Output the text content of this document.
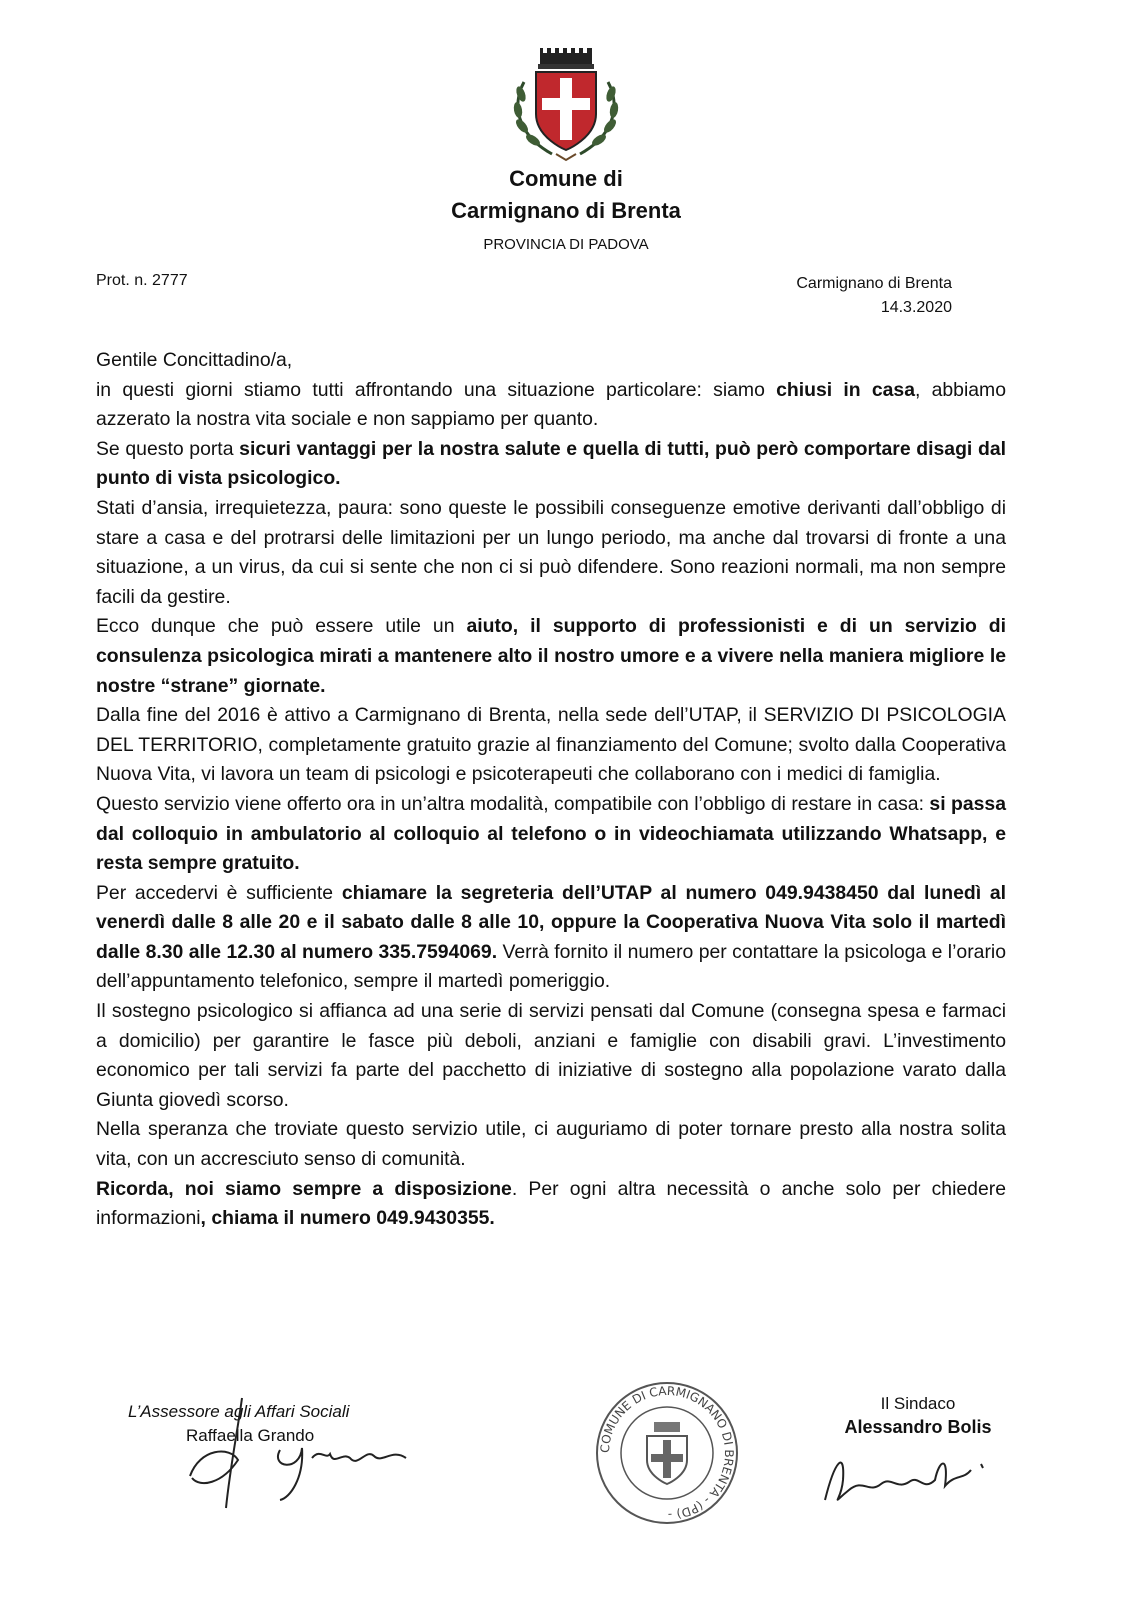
Comune di
Carmignano di Brenta
PROVINCIA DI PADOVA
Prot. n. 2777	Carmignano di Brenta
14.3.2020

Gentile Concittadino/a,

in questi giorni stiamo tutti affrontando una situazione particolare: siamo chiusi in casa, abbiamo azzerato la nostra vita sociale e non sappiamo per quanto.

Se questo porta sicuri vantaggi per la nostra salute e quella di tutti, può però comportare disagi dal punto di vista psicologico.

Stati d’ansia, irrequietezza, paura: sono queste le possibili conseguenze emotive derivanti dall’obbligo di stare a casa e del protrarsi delle limitazioni per un lungo periodo, ma anche dal trovarsi di fronte a una situazione, a un virus, da cui si sente che non ci si può difendere. Sono reazioni normali, ma non sempre facili da gestire.

Ecco dunque che può essere utile un aiuto, il supporto di professionisti e di un servizio di consulenza psicologica mirati a mantenere alto il nostro umore e a vivere nella maniera migliore le nostre “strane” giornate.

Dalla fine del 2016 è attivo a Carmignano di Brenta, nella sede dell’UTAP, il SERVIZIO DI PSICOLOGIA DEL TERRITORIO, completamente gratuito grazie al finanziamento del Comune; svolto dalla Cooperativa Nuova Vita, vi lavora un team di psicologi e psicoterapeuti che collaborano con i medici di famiglia.

Questo servizio viene offerto ora in un’altra modalità, compatibile con l’obbligo di restare in casa: si passa dal colloquio in ambulatorio al colloquio al telefono o in videochiamata utilizzando Whatsapp, e resta sempre gratuito.

Per accedervi è sufficiente chiamare la segreteria dell’UTAP al numero 049.9438450 dal lunedì al venerdì dalle 8 alle 20 e il sabato dalle 8 alle 10, oppure la Cooperativa Nuova Vita solo il martedì dalle 8.30 alle 12.30 al numero 335.7594069. Verrà fornito il numero per contattare la psicologa e l’orario dell’appuntamento telefonico, sempre il martedì pomeriggio.

Il sostegno psicologico si affianca ad una serie di servizi pensati dal Comune (consegna spesa e farmaci a domicilio) per garantire le fasce più deboli, anziani e famiglie con disabili gravi. L’investimento economico per tali servizi fa parte del pacchetto di iniziative di sostegno alla popolazione varato dalla Giunta giovedì scorso.

Nella speranza che troviate questo servizio utile, ci auguriamo di poter tornare presto alla nostra solita vita, con un accresciuto senso di comunità.

Ricorda, noi siamo sempre a disposizione. Per ogni altra necessità o anche solo per chiedere informazioni, chiama il numero 049.9430355.

L’Assessore agli Affari Sociali
Raffaella Grando
COMUNE DI CARMIGNANO DI BRENTA - (PD) -
Il Sindaco
Alessandro Bolis
